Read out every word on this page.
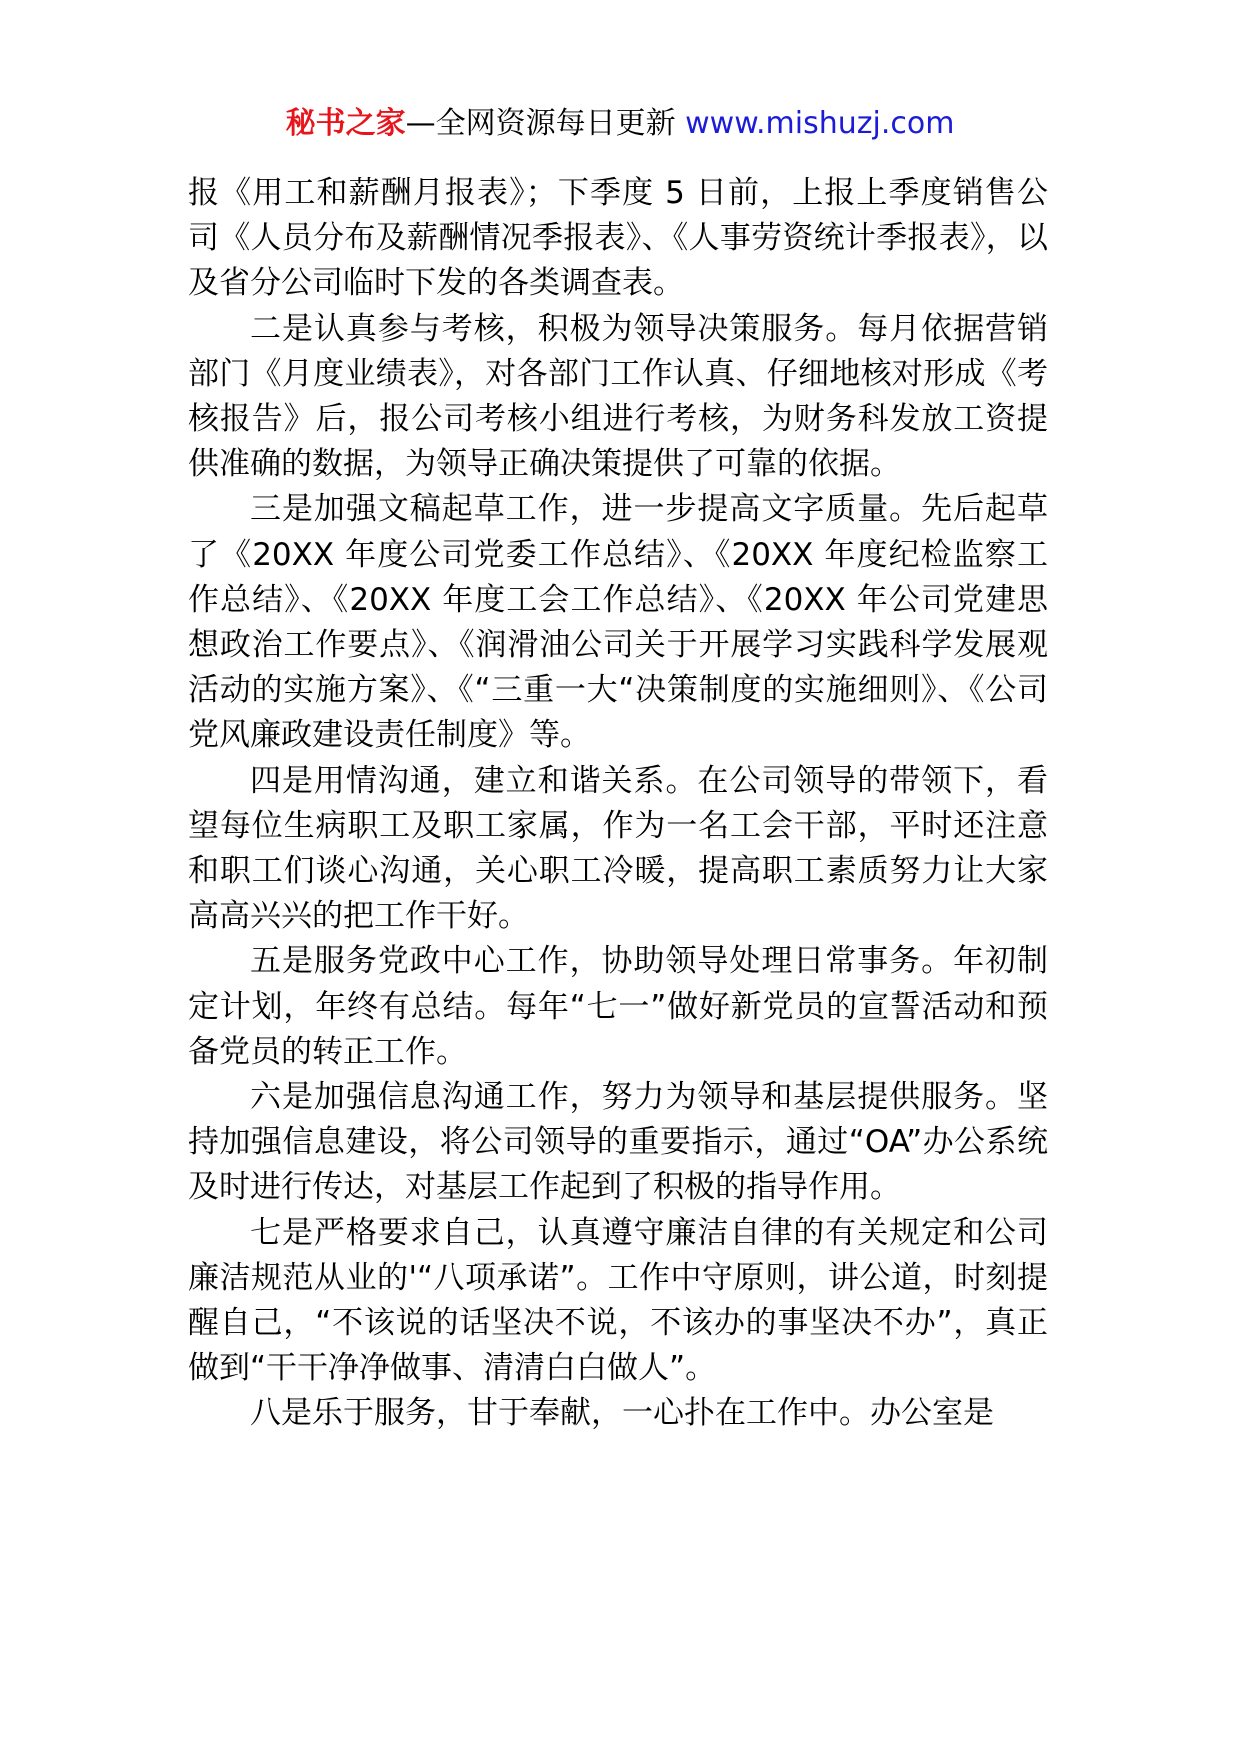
秘书之家—全网资源每日更新 www.mishuzj.com

报《用工和薪酬月报表》；下季度 5 日前，上报上季度销售公司《人员分布及薪酬情况季报表》、《人事劳资统计季报表》，以及省分公司临时下发的各类调查表。

二是认真参与考核，积极为领导决策服务。每月依据营销部门《月度业绩表》，对各部门工作认真、仔细地核对形成《考核报告》后，报公司考核小组进行考核，为财务科发放工资提供准确的数据，为领导正确决策提供了可靠的依据。

三是加强文稿起草工作，进一步提高文字质量。先后起草了《20XX 年度公司党委工作总结》、《20XX 年度纪检监察工作总结》、《20XX 年度工会工作总结》、《20XX 年公司党建思想政治工作要点》、《润滑油公司关于开展学习实践科学发展观活动的实施方案》、《“三重一大“决策制度的实施细则》、《公司党风廉政建设责任制度》等。

四是用情沟通，建立和谐关系。在公司领导的带领下，看望每位生病职工及职工家属，作为一名工会干部，平时还注意和职工们谈心沟通，关心职工冷暖，提高职工素质努力让大家高高兴兴的把工作干好。

五是服务党政中心工作，协助领导处理日常事务。年初制定计划，年终有总结。每年“七一”做好新党员的宣誓活动和预备党员的转正工作。

六是加强信息沟通工作，努力为领导和基层提供服务。坚持加强信息建设，将公司领导的重要指示，通过“OA”办公系统及时进行传达，对基层工作起到了积极的指导作用。

七是严格要求自己，认真遵守廉洁自律的有关规定和公司廉洁规范从业的'“八项承诺”。工作中守原则，讲公道，时刻提醒自己，“不该说的话坚决不说，不该办的事坚决不办”，真正做到“干干净净做事、清清白白做人”。

八是乐于服务，甘于奉献，一心扑在工作中。办公室是
